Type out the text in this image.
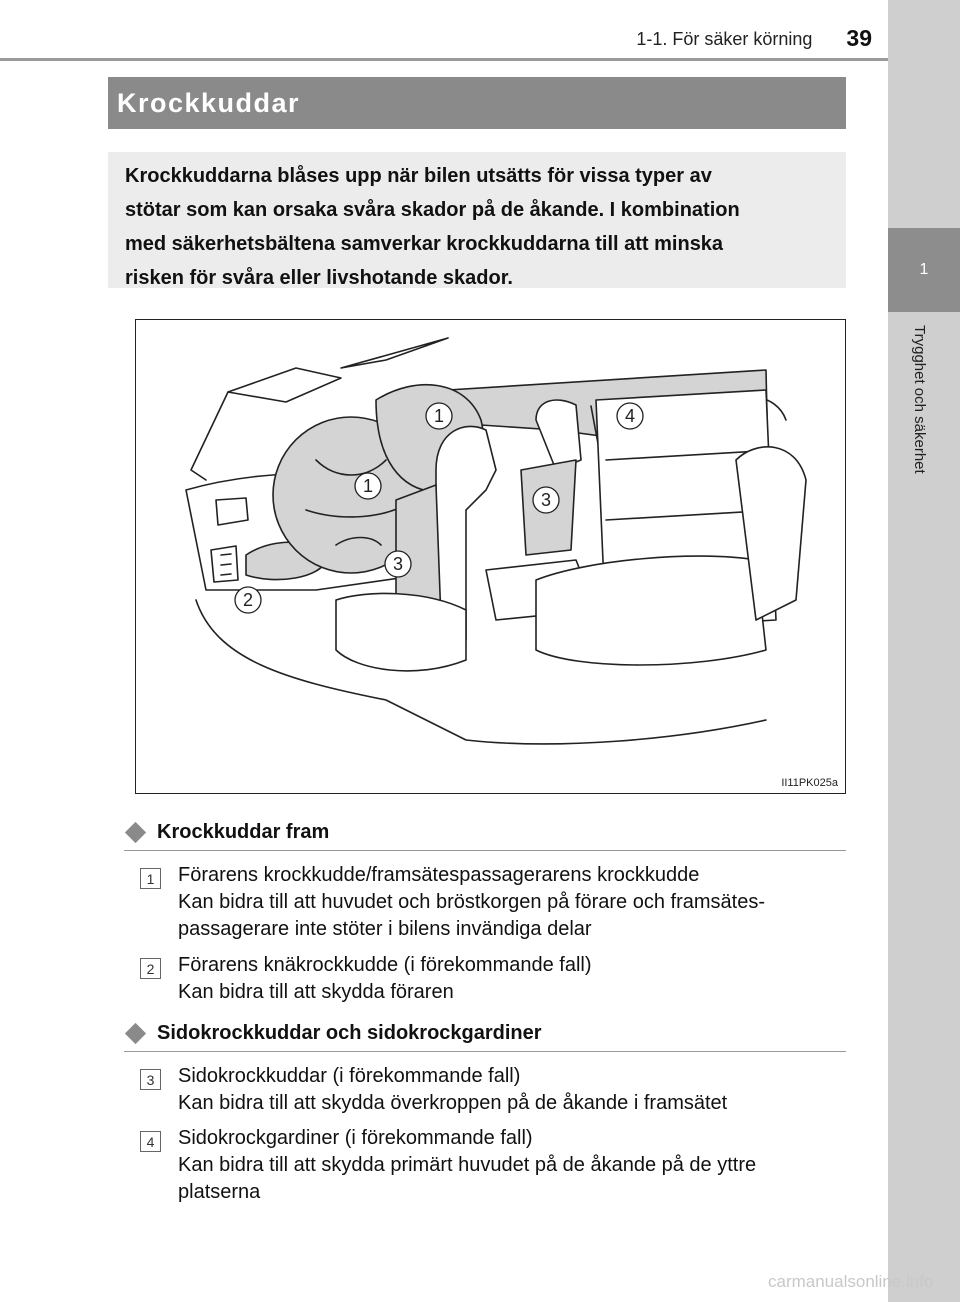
1-1. För säker körning 39
1
Trygghet och säkerhet
Krockkuddar
Krockkuddarna blåses upp när bilen utsätts för vissa typer av
stötar som kan orsaka svåra skador på de åkande. I kombination
med säkerhetsbältena samverkar krockkuddarna till att minska
risken för svåra eller livshotande skador.
1
1
2
3
3
4
II11PK025a
Krockkuddar fram
1	Förarens krockkudde/framsätespassagerarens krockkudde
Kan bidra till att huvudet och bröstkorgen på förare och framsätes-
passagerare inte stöter i bilens invändiga delar
2	Förarens knäkrockkudde (i förekommande fall)
Kan bidra till att skydda föraren
Sidokrockkuddar och sidokrockgardiner
3	Sidokrockkuddar (i förekommande fall)
Kan bidra till att skydda överkroppen på de åkande i framsätet
4	Sidokrockgardiner (i förekommande fall)
Kan bidra till att skydda primärt huvudet på de åkande på de yttre
platserna
carmanualsonline.info
